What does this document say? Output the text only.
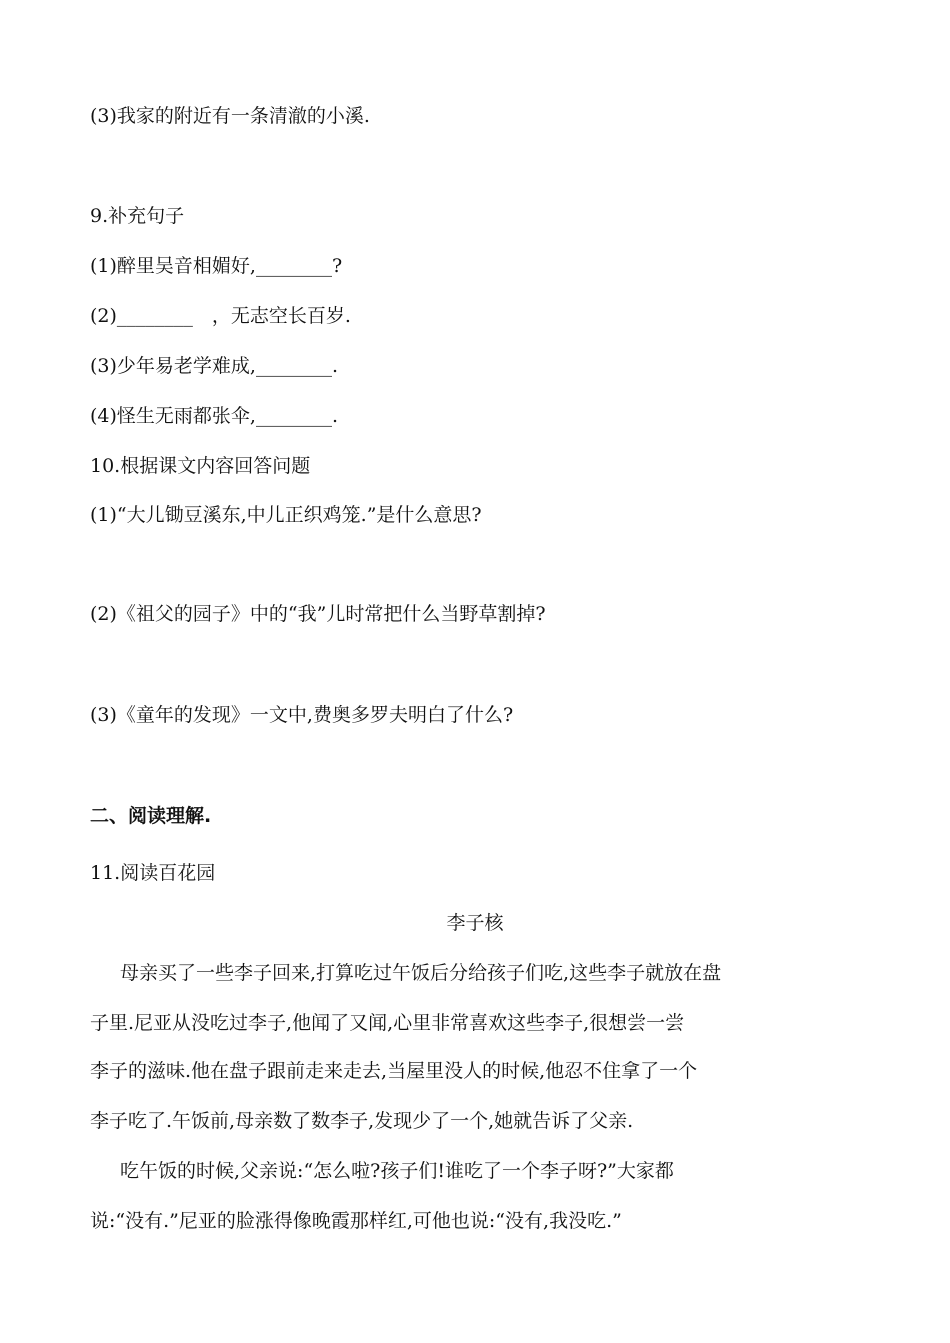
(3)我家的附近有一条清澈的小溪.
9.补充句子
(1)醉里吴音相媚好,________?
(2)________　，无志空长百岁.
(3)少年易老学难成,________.
(4)怪生无雨都张伞,________.
10.根据课文内容回答问题
(1)“大儿锄豆溪东,中儿正织鸡笼.”是什么意思?
(2)《祖父的园子》中的“我”儿时常把什么当野草割掉?
(3)《童年的发现》一文中,费奥多罗夫明白了什么?
二、阅读理解.
11.阅读百花园
李子核
母亲买了一些李子回来,打算吃过午饭后分给孩子们吃,这些李子就放在盘
子里.尼亚从没吃过李子,他闻了又闻,心里非常喜欢这些李子,很想尝一尝
李子的滋味.他在盘子跟前走来走去,当屋里没人的时候,他忍不住拿了一个
李子吃了.午饭前,母亲数了数李子,发现少了一个,她就告诉了父亲.
吃午饭的时候,父亲说:“怎么啦?孩子们!谁吃了一个李子呀?”大家都
说:“没有.”尼亚的脸涨得像晚霞那样红,可他也说:“没有,我没吃.”
